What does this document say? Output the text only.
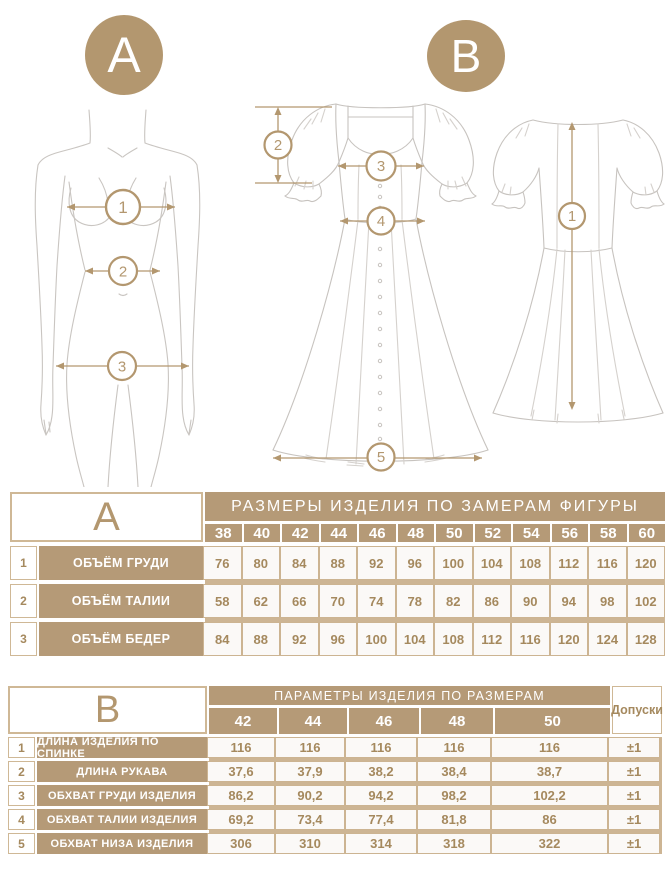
A	B
1
2
3
2
3
4
5
1
A	РАЗМЕРЫ ИЗДЕЛИЯ ПО ЗАМЕРАМ ФИГУРЫ
38	40	42	44	46	48	50	52	54	56	58	60
1	ОБЪЁМ ГРУДИ	76	80	84	88	92	96	100	104	108	112	116	120
2	ОБЪЁМ ТАЛИИ	58	62	66	70	74	78	82	86	90	94	98	102
3	ОБЪЁМ БЕДЕР	84	88	92	96	100	104	108	112	116	120	124	128
B	ПАРАМЕТРЫ ИЗДЕЛИЯ ПО РАЗМЕРАМ
42	44	46	48	50
Допуски
1	ДЛИНА ИЗДЕЛИЯ ПО СПИНКЕ	116	116	116	116	116	±1
2	ДЛИНА РУКАВА	37,6	37,9	38,2	38,4	38,7	±1
3	ОБХВАТ ГРУДИ ИЗДЕЛИЯ	86,2	90,2	94,2	98,2	102,2	±1
4	ОБХВАТ ТАЛИИ ИЗДЕЛИЯ	69,2	73,4	77,4	81,8	86	±1
5	ОБХВАТ НИЗА ИЗДЕЛИЯ	306	310	314	318	322	±1
